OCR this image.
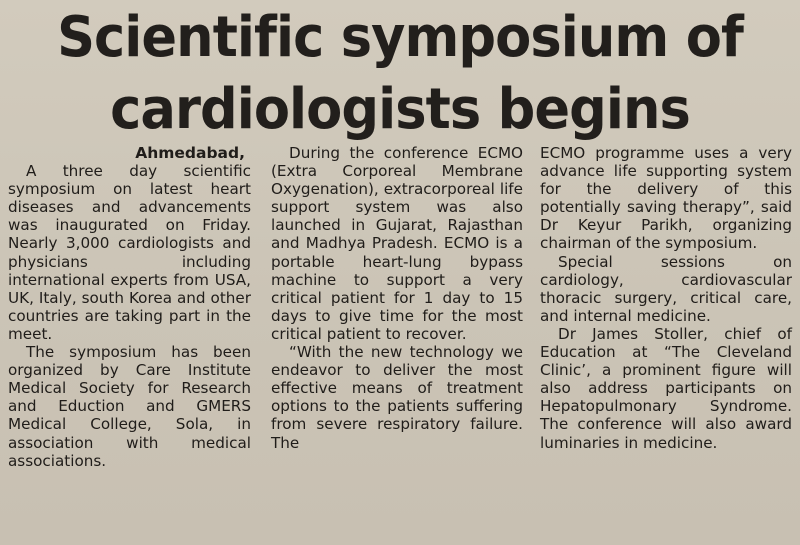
Scientific symposium of
cardiologists begins
Ahmedabad,

A three day scientific symposium on latest heart diseases and advancements was inaugurated on Friday. Nearly 3,000 cardiologists and physicians including international experts from USA, UK, Italy, south Korea and other countries are taking part in the meet.

The symposium has been organized by Care Institute Medical Society for Research and Eduction and GMERS Medical College, Sola, in association with medical associations.

During the conference ECMO (Extra Corporeal Membrane Oxygenation), extracorporeal life support system was also launched in Gujarat, Rajasthan and Madhya Pradesh. ECMO is a portable heart-lung bypass machine to support a very critical patient for 1 day to 15 days to give time for the most critical patient to recover.

“With the new technology we endeavor to deliver the most effective means of treatment options to the patients suffering from severe respiratory failure. The

ECMO programme uses a very advance life supporting system for the delivery of this potentially saving therapy”, said Dr Keyur Parikh, organizing chairman of the symposium.

Special sessions on cardiology, cardiovascular thoracic surgery, critical care, and internal medicine.

Dr James Stoller, chief of Education at “The Cleveland Clinic’, a prominent figure will also address participants on Hepatopulmonary Syndrome. The conference will also award luminaries in medicine.
